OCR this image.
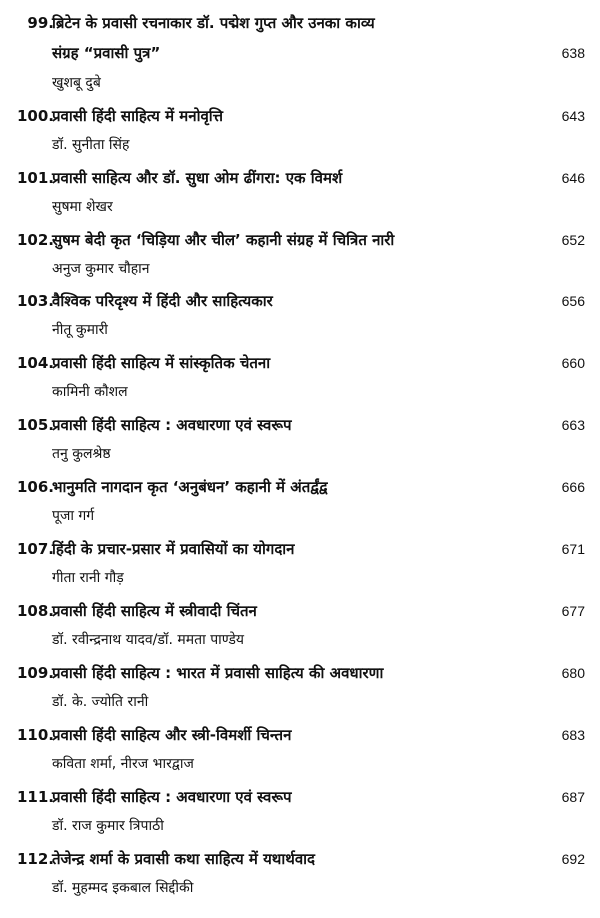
99.
ब्रिटेन के प्रवासी रचनाकार डॉ. पद्मेश गुप्त और उनका काव्य
संग्रह “प्रवासी पुत्र”	638
खुशबू दुबे
100.
प्रवासी हिंदी साहित्य में मनोवृत्ति	643
डॉ. सुनीता सिंह
101.
प्रवासी साहित्य और डॉ. सुधा ओम ढींगरा: एक विमर्श	646
सुषमा शेखर
102.
सुषम बेदी कृत ‘चिड़िया और चील’ कहानी संग्रह में चित्रित नारी	652
अनुज कुमार चौहान
103.
वैश्विक परिदृश्य में हिंदी और साहित्यकार	656
नीतू कुमारी
104.
प्रवासी हिंदी साहित्य में सांस्कृतिक चेतना	660
कामिनी कौशल
105.
प्रवासी हिंदी साहित्य : अवधारणा एवं स्वरूप	663
तनु कुलश्रेष्ठ
106.
भानुमति नागदान कृत ‘अनुबंधन’ कहानी में अंतर्द्वंद्व	666
पूजा गर्ग
107.
हिंदी के प्रचार-प्रसार में प्रवासियों का योगदान	671
गीता रानी गौड़
108.
प्रवासी हिंदी साहित्य में स्त्रीवादी चिंतन	677
डॉ. रवीन्द्रनाथ यादव/डॉ. ममता पाण्डेय
109.
प्रवासी हिंदी साहित्य : भारत में प्रवासी साहित्य की अवधारणा	680
डॉ. के. ज्योति रानी
110.
प्रवासी हिंदी साहित्य और स्त्री-विमर्शी चिन्तन	683
कविता शर्मा, नीरज भारद्वाज
111.
प्रवासी हिंदी साहित्य : अवधारणा एवं स्वरूप	687
डॉ. राज कुमार त्रिपाठी
112.
तेजेन्द्र शर्मा के प्रवासी कथा साहित्य में यथार्थवाद	692
डॉ. मुहम्मद इकबाल सिद्दीकी
